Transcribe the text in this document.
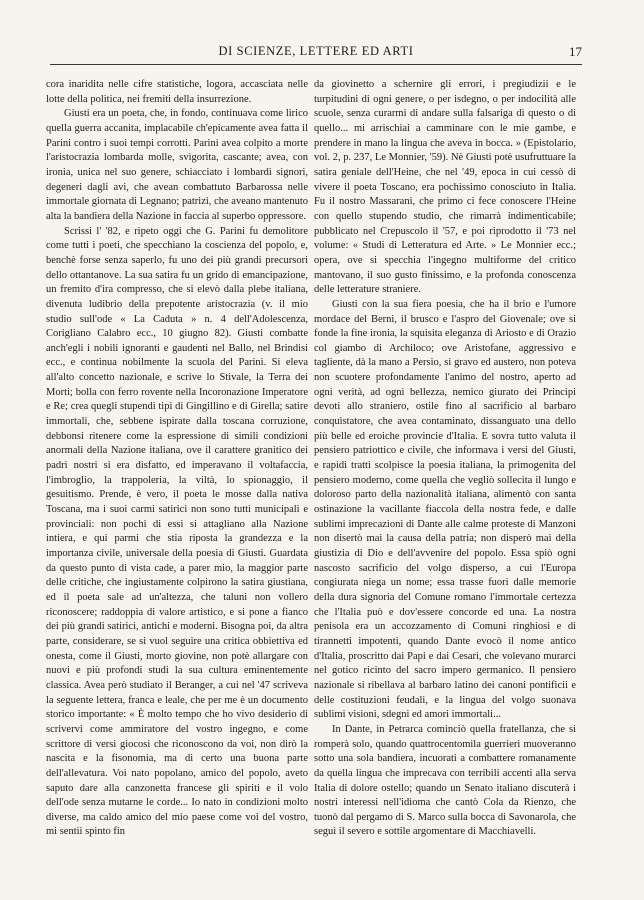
DI SCIENZE, LETTERE ED ARTI	17

cora inaridita nelle cifre statistiche, logora, accasciata nelle lotte della politica, nei fremiti della insurrezione.

Giusti era un poeta, che, in fondo, continuava come lirico quella guerra accanita, implacabile ch'epicamente avea fatta il Parini contro i suoi tempi corrotti. Parini avea colpito a morte l'aristocrazia lombarda molle, svigorita, cascante; avea, con ironia, unica nel suo genere, schiacciato i lombardi signori, degeneri dagli avi, che avean combattuto Barbarossa nelle immortale giornata di Legnano; patrizi, che aveano mantenuto alta la bandiera della Nazione in faccia al superbo oppressore.

Scrissi l' '82, e ripeto oggi che G. Parini fu demolitore come tutti i poeti, che specchiano la coscienza del popolo, e, benchè forse senza saperlo, fu uno dei più grandi precursori dello ottantanove. La sua satira fu un grido di emancipazione, un fremito d'ira compresso, che si elevò dalla plebe italiana, divenuta ludibrio della prepotente aristocrazia (v. il mio studio sull'ode « La Caduta » n. 4 dell'Adolescenza, Corigliano Calabro ecc., 10 giugno 82). Giusti combatte anch'egli i nobili ignoranti e gaudenti nel Ballo, nel Brindisi ecc., e continua nobilmente la scuola del Parini. Si eleva all'alto concetto nazionale, e scrive lo Stivale, la Terra dei Morti; bolla con ferro rovente nella Incoronazione Imperatore e Re; crea quegli stupendi tipi di Gingillino e di Girella; satire immortali, che, sebbene ispirate dalla toscana corruzione, debbonsi ritenere come la espressione di simili condizioni anormali della Nazione italiana, ove il carattere granitico dei padri nostri si era disfatto, ed imperavano il voltafaccia, l'imbroglio, la trappoleria, la viltà, lo spionaggio, il gesuitismo. Prende, è vero, il poeta le mosse dalla nativa Toscana, ma i suoi carmi satirici non sono tutti municipali e provinciali: non pochi di essi si attagliano alla Nazione intiera, e qui parmi che stia riposta la grandezza e la importanza civile, universale della poesia di Giusti. Guardata da questo punto di vista cade, a parer mio, la maggior parte delle critiche, che ingiustamente colpirono la satira giustiana, ed il poeta sale ad un'altezza, che taluni non vollero riconoscere; raddoppia di valore artistico, e si pone a fianco dei più grandi satirici, antichi e moderni. Bisogna poi, da altra parte, considerare, se si vuol seguire una critica obbiettiva ed onesta, come il Giusti, morto giovine, non potè allargare con nuovi e più profondi studi la sua cultura eminentemente classica. Avea però studiato il Beranger, a cui nel '47 scriveva la seguente lettera, franca e leale, che per me è un documento storico importante: « È molto tempo che ho vivo desiderio di scrivervi come ammiratore del vostro ingegno, e come scrittore di versi giocosi che riconoscono da voi, non dirò la nascita e la fisonomia, ma di certo una buona parte dell'allevatura. Voi nato popolano, amico del popolo, aveto saputo dare alla canzonetta francese gli spiriti e il volo dell'ode senza mutarne le corde... Io nato in condizioni molto diverse, ma caldo amico del mio paese come voi del vostro, mi sentii spinto fin

da giovinetto a schernire gli errori, i pregiudizii e le turpitudini di ogni genere, o per isdegno, o per indocilità alle scuole, senza curarmi di andare sulla falsariga di questo o di quello... mi arrischiai a camminare con le mie gambe, e prendere in mano la lingua che aveva in bocca. » (Epistolario, vol. 2, p. 237, Le Monnier, '59). Nè Giusti potè usufruttuare la satira geniale dell'Heine, che nel '49, epoca in cui cessò di vivere il poeta Toscano, era pochissimo conosciuto in Italia. Fu il nostro Massarani, che primo ci fece conoscere l'Heine con quello stupendo studio, che rimarrà indimenticabile; pubblicato nel Crepuscolo il '57, e poi riprodotto il '73 nel volume: « Studi di Letteratura ed Arte. » Le Monnier ecc.; opera, ove si specchia l'ingegno multiforme del critico mantovano, il suo gusto finissimo, e la profonda conoscenza delle letterature straniere.

Giusti con la sua fiera poesia, che ha il brio e l'umore mordace del Berni, il brusco e l'aspro del Giovenale; ove si fonde la fine ironia, la squisita eleganza di Ariosto e di Orazio col giambo di Archiloco; ove Aristofane, aggressivo e tagliente, dà la mano a Persio, si gravo ed austero, non poteva non scuotere profondamente l'animo del nostro, aperto ad ogni verità, ad ogni bellezza, nemico giurato dei Principi devoti allo straniero, ostile fino al sacrificio al barbaro conquistatore, che avea contaminato, dissanguato una dello più belle ed eroiche provincie d'Italia. E sovra tutto valuta il pensiero patriottico e civile, che informava i versi del Giusti, e rapidi tratti scolpisce la poesia italiana, la primogenita del pensiero moderno, come quella che vegliò sollecita il lungo e doloroso parto della nazionalità italiana, alimentò con santa ostinazione la vacillante fiaccola della nostra fede, e dalle sublimi imprecazioni di Dante alle calme proteste di Manzoni non disertò mai la causa della patria; non disperò mai della giustizia di Dio e dell'avvenire del popolo. Essa spiò ogni nascosto sacrificio del volgo disperso, a cui l'Europa congiurata niega un nome; essa trasse fuori dalle memorie della dura signoria del Comune romano l'immortale certezza che l'Italia può e dov'essere concorde ed una. La nostra penisola era un accozzamento di Comuni ringhiosi e di tirannetti impotenti, quando Dante evocò il nome antico d'Italia, proscritto dai Papi e dai Cesari, che volevano murarci nel gotico ricinto del sacro impero germanico. Il pensiero nazionale si ribellava al barbaro latino dei canoni pontificii e delle costituzioni feudali, e la lingua del volgo suonava sublimi visioni, sdegni ed amori immortali...

In Dante, in Petrarca cominciò quella fratellanza, che si romperà solo, quando quattrocentomila guerrieri muoveranno sotto una sola bandiera, incuorati a combattere romanamente da quella lingua che imprecava con terribili accenti alla serva Italia di dolore ostello; quando un Senato italiano discuterà i nostri interessi nell'idioma che cantò Cola da Rienzo, che tuonò dal pergamo di S. Marco sulla bocca di Savonarola, che seguì il severo e sottile argomentare di Macchiavelli.
